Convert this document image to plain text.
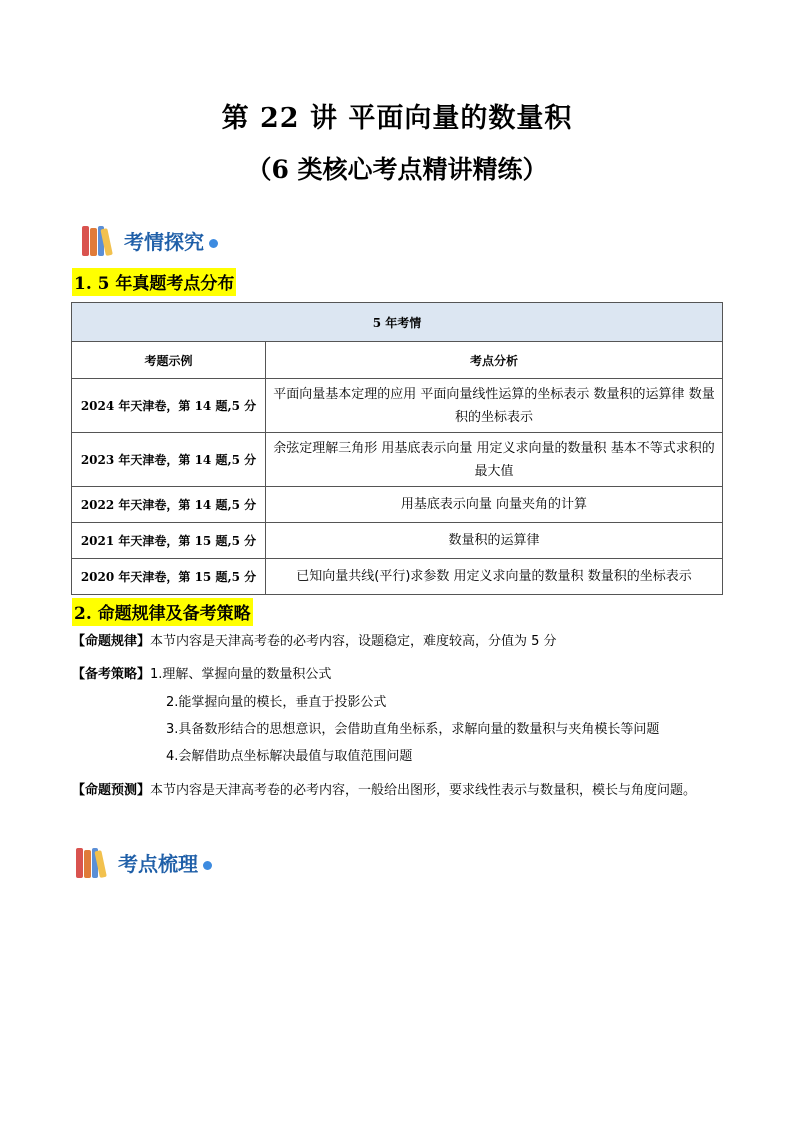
第 22 讲 平面向量的数量积
（6 类核心考点精讲精练）
考情探究
1. 5 年真题考点分布
5 年考情	
考题示例	考点分析
2024 年天津卷，第 14 题,5 分	平面向量基本定理的应用 平面向量线性运算的坐标表示 数量积的运算律 数量积的坐标表示
2023 年天津卷，第 14 题,5 分	余弦定理解三角形 用基底表示向量 用定义求向量的数量积 基本不等式求积的最大值
2022 年天津卷，第 14 题,5 分	用基底表示向量 向量夹角的计算
2021 年天津卷，第 15 题,5 分	数量积的运算律
2020 年天津卷，第 15 题,5 分	已知向量共线(平行)求参数 用定义求向量的数量积 数量积的坐标表示
2. 命题规律及备考策略
【命题规律】本节内容是天津高考卷的必考内容，设题稳定，难度较高，分值为 5 分
【备考策略】1.理解、掌握向量的数量积公式
2.能掌握向量的模长，垂直于投影公式
3.具备数形结合的思想意识，会借助直角坐标系，求解向量的数量积与夹角模长等问题
4.会解借助点坐标解决最值与取值范围问题
【命题预测】本节内容是天津高考卷的必考内容，一般给出图形，要求线性表示与数量积，模长与角度问题。
考点梳理
